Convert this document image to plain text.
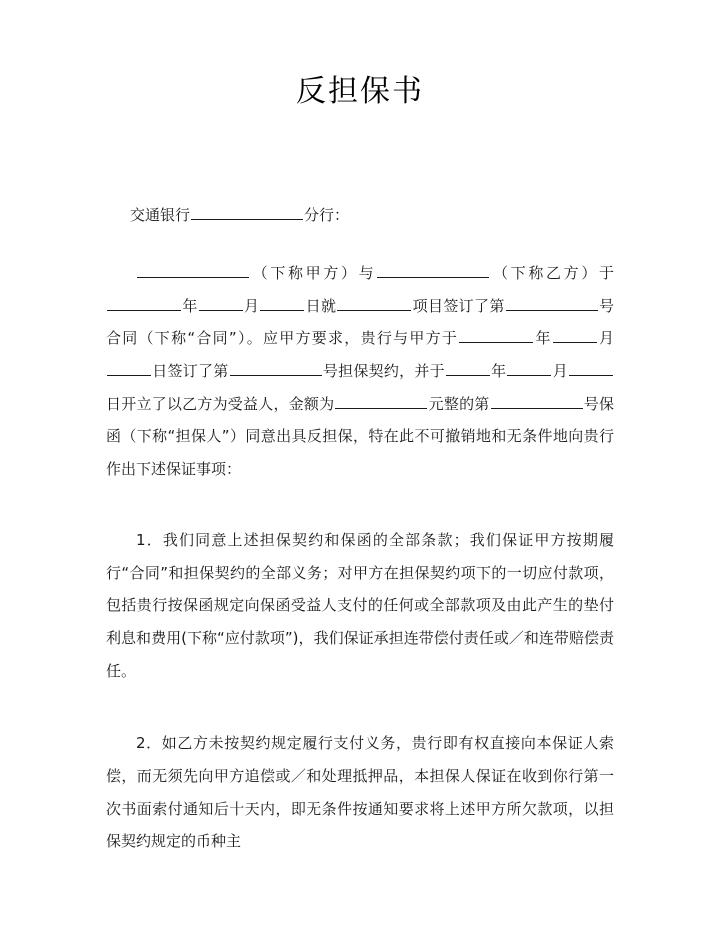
反担保书
交通银行	分行：

（下称甲方）与	（下称乙方）于年	月	日就	项目签订了第	号合同（下称“合同”）。应甲方要求，贵行与甲方于	年	月日签订了第	号担保契约，并于	年	月日开立了以乙方为受益人，金额为	元整的第	号保函（下称“担保人”）同意出具反担保，特在此不可撤销地和无条件地向贵行作出下述保证事项：

1．我们同意上述担保契约和保函的全部条款；我们保证甲方按期履行“合同”和担保契约的全部义务；对甲方在担保契约项下的一切应付款项，包括贵行按保函规定向保函受益人支付的任何或全部款项及由此产生的垫付利息和费用(下称“应付款项”)，我们保证承担连带偿付责任或／和连带赔偿责任。

2．如乙方未按契约规定履行支付义务，贵行即有权直接向本保证人索偿，而无须先向甲方追偿或／和处理抵押品，本担保人保证在收到你行第一次书面索付通知后十天内，即无条件按通知要求将上述甲方所欠款项，以担保契约规定的币种主
